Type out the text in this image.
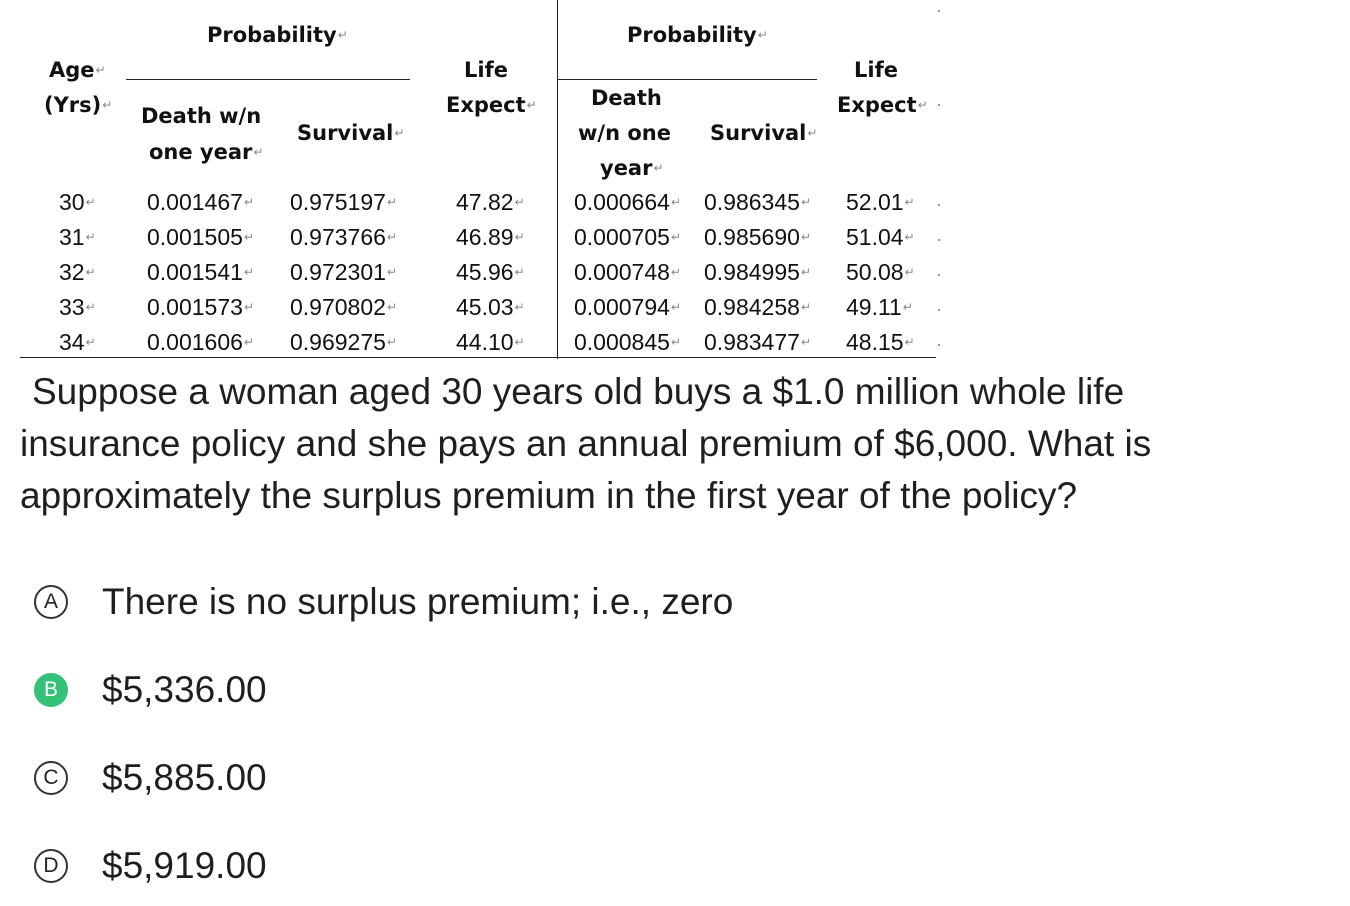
Probability↵
Age↵
(Yrs)↵ Death w/n
one year↵
Survival↵
Life
Expect↵
Probability↵
Death
w/n one
year↵
Survival↵
Life
Expect↵
30↵ 0.001467↵ 0.975197↵	47.82↵ 0.000664↵ 0.986345↵ 52.01↵
31↵ 0.001505↵ 0.973766↵	46.89↵ 0.000705↵ 0.985690↵ 51.04↵
32↵ 0.001541↵ 0.972301↵	45.96↵ 0.000748↵ 0.984995↵ 50.08↵
33↵ 0.001573↵ 0.970802↵	45.03↵ 0.000794↵ 0.984258↵ 49.11↵
34↵ 0.001606↵ 0.969275↵	44.10↵ 0.000845↵ 0.983477↵ 48.15↵
Suppose a woman aged 30 years old buys a $1.0 million whole life
insurance policy and she pays an annual premium of $6,000. What is
approximately the surplus premium in the first year of the policy?
A There is no surplus premium; i.e., zero
B $5,336.00
C $5,885.00
D $5,919.00
